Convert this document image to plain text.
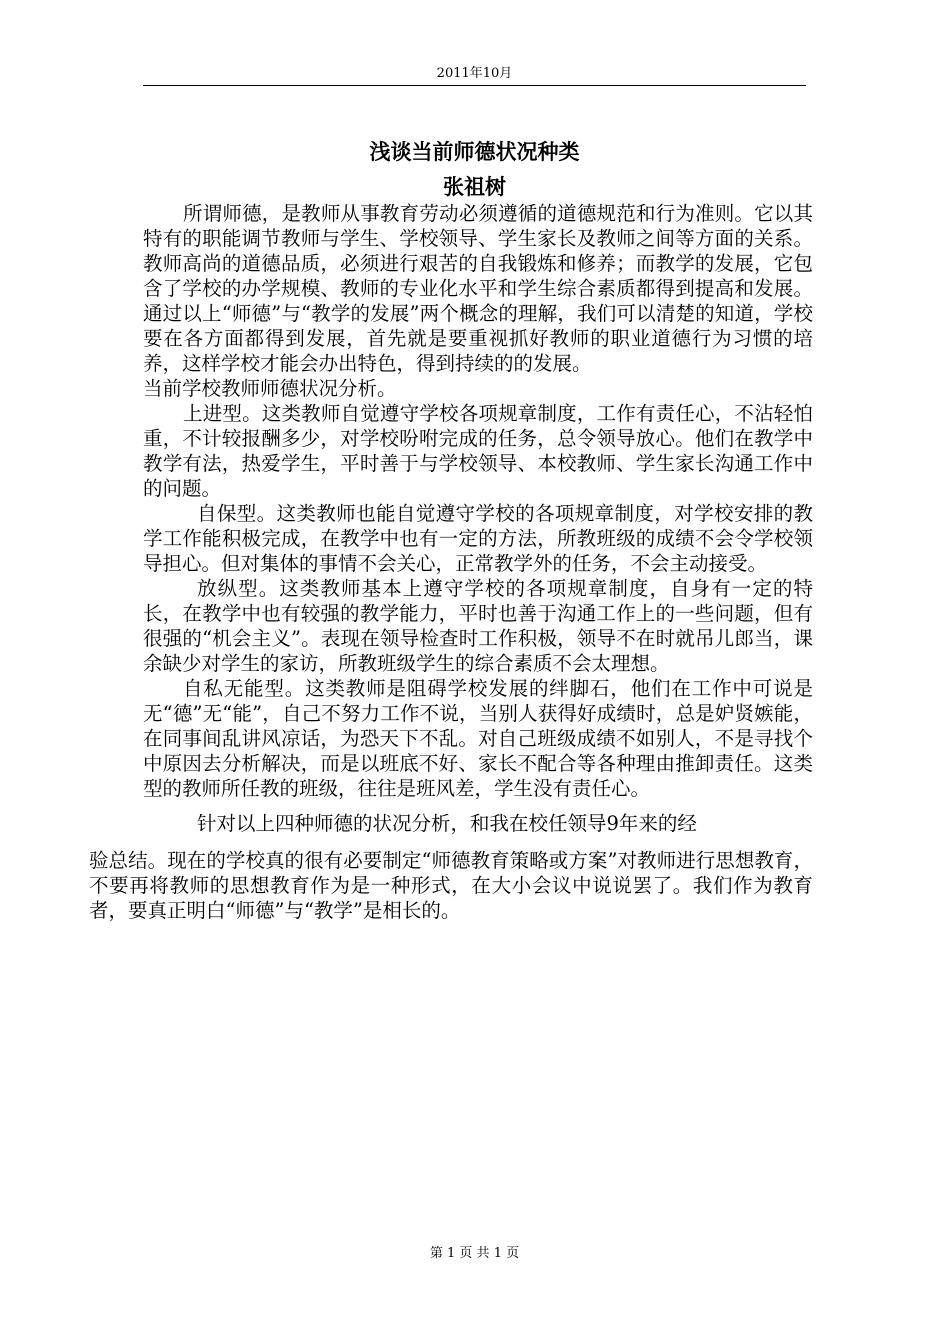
2011年10月
浅谈当前师德状况种类
张祖树

所谓师德，是教师从事教育劳动必须遵循的道德规范和行为准则。它以其特有的职能调节教师与学生、学校领导、学生家长及教师之间等方面的关系。教师高尚的道德品质，必须进行艰苦的自我锻炼和修养；而教学的发展，它包含了学校的办学规模、教师的专业化水平和学生综合素质都得到提高和发展。通过以上“师德”与“教学的发展”两个概念的理解，我们可以清楚的知道，学校要在各方面都得到发展，首先就是要重视抓好教师的职业道德行为习惯的培养，这样学校才能会办出特色，得到持续的的发展。

当前学校教师师德状况分析。

上进型。这类教师自觉遵守学校各项规章制度，工作有责任心，不沾轻怕重，不计较报酬多少，对学校吩咐完成的任务，总令领导放心。他们在教学中教学有法，热爱学生，平时善于与学校领导、本校教师、学生家长沟通工作中的问题。

自保型。这类教师也能自觉遵守学校的各项规章制度，对学校安排的教学工作能积极完成，在教学中也有一定的方法，所教班级的成绩不会令学校领导担心。但对集体的事情不会关心，正常教学外的任务，不会主动接受。

放纵型。这类教师基本上遵守学校的各项规章制度，自身有一定的特长，在教学中也有较强的教学能力，平时也善于沟通工作上的一些问题，但有很强的“机会主义”。表现在领导检查时工作积极，领导不在时就吊儿郎当，课余缺少对学生的家访，所教班级学生的综合素质不会太理想。

自私无能型。这类教师是阻碍学校发展的绊脚石，他们在工作中可说是无“德”无“能”，自己不努力工作不说，当别人获得好成绩时，总是妒贤嫉能，在同事间乱讲风凉话，为恐天下不乱。对自己班级成绩不如别人，不是寻找个中原因去分析解决，而是以班底不好、家长不配合等各种理由推卸责任。这类型的教师所任教的班级，往往是班风差，学生没有责任心。

针对以上四种师德的状况分析，和我在校任领导9年来的经
验总结。现在的学校真的很有必要制定“师德教育策略或方案”对教师进行思想教育，不要再将教师的思想教育作为是一种形式，在大小会议中说说罢了。我们作为教育者，要真正明白“师德”与“教学”是相长的。

第 1 页 共 1 页
